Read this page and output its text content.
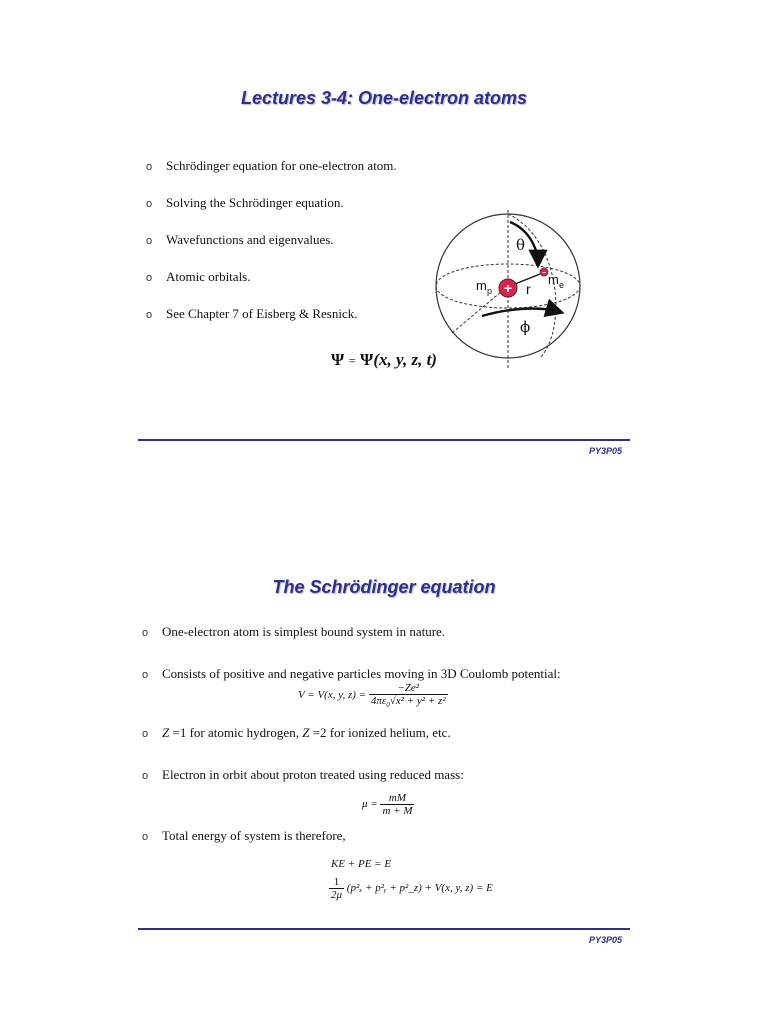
Lectures 3-4: One-electron atoms
o Schrödinger equation for one-electron atom.
o Solving the Schrödinger equation.
o Wavefunctions and eigenvalues.
o Atomic orbitals.
o See Chapter 7 of Eisberg & Resnick.
+
−
θ
ϕ
r
m p
m e
Ψ = Ψ(x, y, z, t)
PY3P05
The Schrödinger equation
o One-electron atom is simplest bound system in nature.
o Consists of positive and negative particles moving in 3D Coulomb potential:
V = V(x, y, $z) = \frac{\text{−Ze²}}{4\pi\varepsilon_0√x^2 + y^2 + z^2}$
o Z =1 for atomic hydrogen, Z =2 for ionized helium, etc.
o Electron in orbit about proton treated using reduced mass:
$\mu = \frac{mM}{m + M}$
o Total energy of system is therefore,
KE + PE = E
$\frac{1}{2\mu} (p^2_x$ + p²ᵧ + p²_z) + V(x, y, z) = E
PY3P05
